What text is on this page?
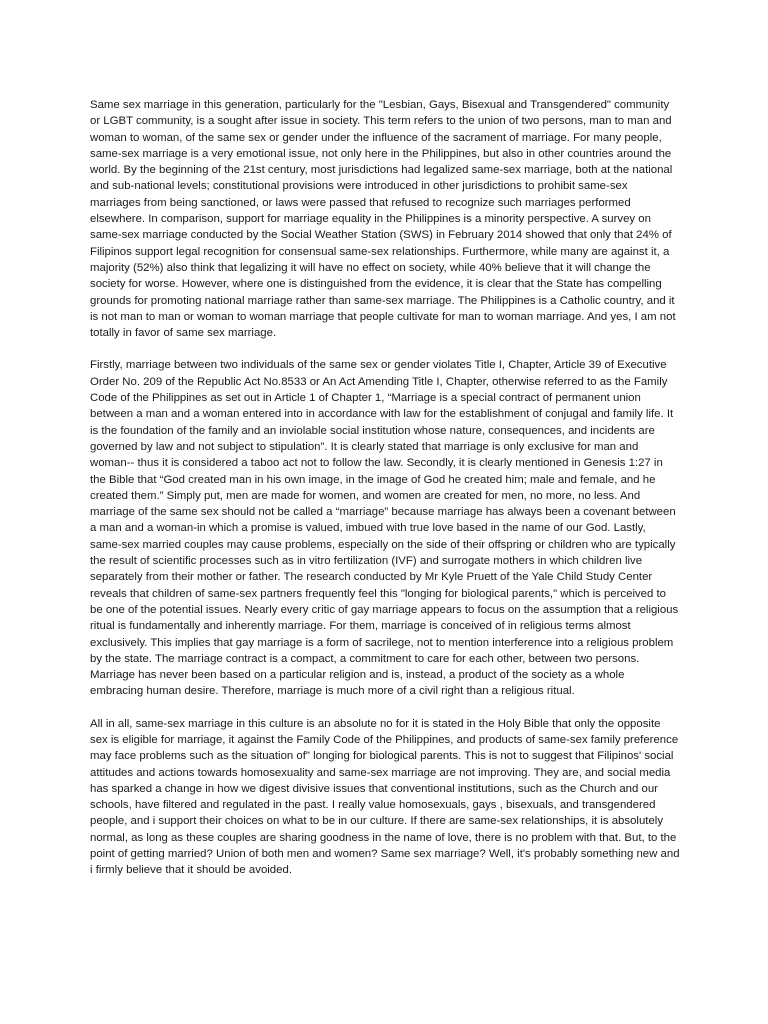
Same sex marriage in this generation, particularly for the "Lesbian, Gays, Bisexual and Transgendered" community or LGBT community, is a sought after issue in society. This term refers to the union of two persons, man to man and woman to woman, of the same sex or gender under the influence of the sacrament of marriage. For many people, same-sex marriage is a very emotional issue, not only here in the Philippines, but also in other countries around the world. By the beginning of the 21st century, most jurisdictions had legalized same-sex marriage, both at the national and sub-national levels; constitutional provisions were introduced in other jurisdictions to prohibit same-sex marriages from being sanctioned, or laws were passed that refused to recognize such marriages performed elsewhere. In comparison, support for marriage equality in the Philippines is a minority perspective. A survey on same-sex marriage conducted by the Social Weather Station (SWS) in February 2014 showed that only that 24% of Filipinos support legal recognition for consensual same-sex relationships. Furthermore, while many are against it, a majority (52%) also think that legalizing it will have no effect on society, while 40% believe that it will change the society for worse. However, where one is distinguished from the evidence, it is clear that the State has compelling grounds for promoting national marriage rather than same-sex marriage. The Philippines is a Catholic country, and it is not man to man or woman to woman marriage that people cultivate for man to woman marriage. And yes, I am not totally in favor of same sex marriage.

Firstly, marriage between two individuals of the same sex or gender violates Title I, Chapter, Article 39 of Executive Order No. 209 of the Republic Act No.8533 or An Act Amending Title I, Chapter, otherwise referred to as the Family Code of the Philippines as set out in Article 1 of Chapter 1, “Marriage is a special contract of permanent union between a man and a woman entered into in accordance with law for the establishment of conjugal and family life. It is the foundation of the family and an inviolable social institution whose nature, consequences, and incidents are governed by law and not subject to stipulation”. It is clearly stated that marriage is only exclusive for man and woman-- thus it is considered a taboo act not to follow the law. Secondly, it is clearly mentioned in Genesis 1:27 in the Bible that “God created man in his own image, in the image of God he created him; male and female, and he created them.” Simply put, men are made for women, and women are created for men, no more, no less. And marriage of the same sex should not be called a “marriage” because marriage has always been a covenant between a man and a woman-in which a promise is valued, imbued with true love based in the name of our God. Lastly, same-sex married couples may cause problems, especially on the side of their offspring or children who are typically the result of scientific processes such as in vitro fertilization (IVF) and surrogate mothers in which children live separately from their mother or father. The research conducted by Mr Kyle Pruett of the Yale Child Study Center reveals that children of same-sex partners frequently feel this "longing for biological parents," which is perceived to be one of the potential issues. Nearly every critic of gay marriage appears to focus on the assumption that a religious ritual is fundamentally and inherently marriage. For them, marriage is conceived of in religious terms almost exclusively. This implies that gay marriage is a form of sacrilege, not to mention interference into a religious problem by the state. The marriage contract is a compact, a commitment to care for each other, between two persons. Marriage has never been based on a particular religion and is, instead, a product of the society as a whole embracing human desire. Therefore, marriage is much more of a civil right than a religious ritual.

All in all, same-sex marriage in this culture is an absolute no for it is stated in the Holy Bible that only the opposite sex is eligible for marriage, it against the Family Code of the Philippines, and products of same-sex family preference may face problems such as the situation of" longing for biological parents. This is not to suggest that Filipinos' social attitudes and actions towards homosexuality and same-sex marriage are not improving. They are, and social media has sparked a change in how we digest divisive issues that conventional institutions, such as the Church and our schools, have filtered and regulated in the past. I really value homosexuals, gays , bisexuals, and transgendered people, and i support their choices on what to be in our culture. If there are same-sex relationships, it is absolutely normal, as long as these couples are sharing goodness in the name of love, there is no problem with that. But, to the point of getting married? Union of both men and women? Same sex marriage? Well, it's probably something new and i firmly believe that it should be avoided.
